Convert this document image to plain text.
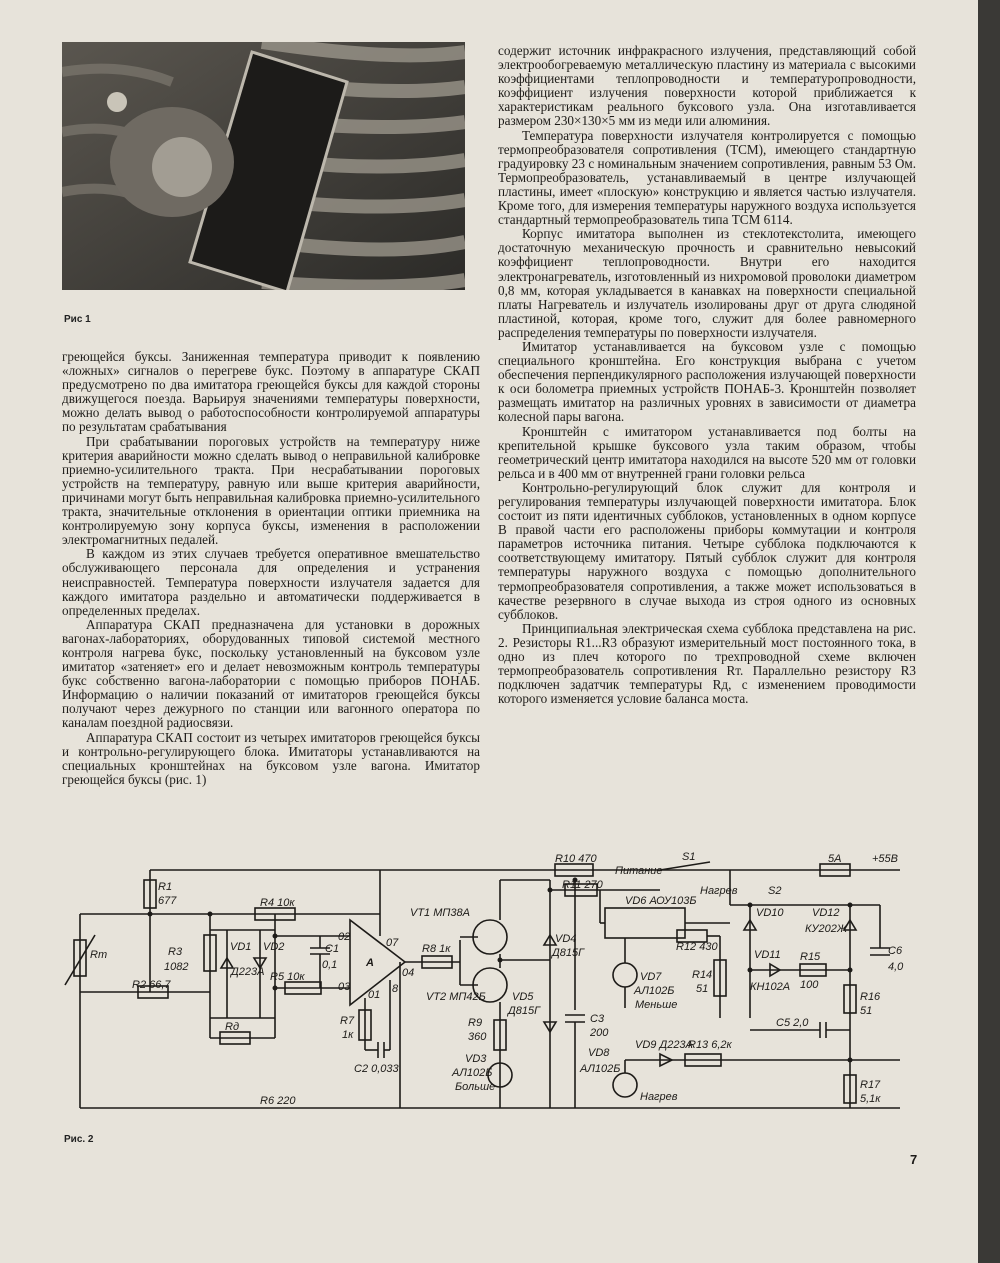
Рис 1

греющейся буксы. Заниженная температура приводит к появлению «ложных» сигналов о перегреве букс. Поэтому в аппаратуре СКАП предусмотрено по два имитатора греющейся буксы для каждой стороны движущегося поезда. Варьируя значениями температуры поверхности, можно делать вывод о работоспособности контролируемой аппаратуры по результатам срабатывания

При срабатывании пороговых устройств на температуру ниже критерия аварийности можно сделать вывод о неправильной калибровке приемно-усилительного тракта. При несрабатывании пороговых устройств на температуру, равную или выше критерия аварийности, причинами могут быть неправильная калибровка приемно-усилительного тракта, значительные отклонения в ориентации оптики приемника на контролируемую зону корпуса буксы, изменения в расположении электромагнитных педалей.

В каждом из этих случаев требуется оперативное вмешательство обслуживающего персонала для определения и устранения неисправностей. Температура поверхности излучателя задается для каждого имитатора раздельно и автоматически поддерживается в определенных пределах.

Аппаратура СКАП предназначена для установки в дорожных вагонах-лабораториях, оборудованных типовой системой местного контроля нагрева букс, поскольку установленный на буксовом узле имитатор «затеняет» его и делает невозможным контроль температуры букс собственно вагона-лаборатории с помощью приборов ПОНАБ. Информацию о наличии показаний от имитаторов греющейся буксы получают через дежурного по станции или вагонного оператора по каналам поездной радиосвязи.

Аппаратура СКАП состоит из четырех имитаторов греющейся буксы и контрольно-регулирующего блока. Имитаторы устанавливаются на специальных кронштейнах на буксовом узле вагона. Имитатор греющейся буксы (рис. 1)

содержит источник инфракрасного излучения, представляющий собой электрообогреваемую металлическую пластину из материала с высокими коэффициентами теплопроводности и температуропроводности, коэффициент излучения поверхности которой приближается к характеристикам реального буксового узла. Она изготавливается размером 230×130×5 мм из меди или алюминия.

Температура поверхности излучателя контролируется с помощью термопреобразователя сопротивления (ТСМ), имеющего стандартную градуировку 23 с номинальным значением сопротивления, равным 53 Ом. Термопреобразователь, устанавливаемый в центре излучающей пластины, имеет «плоскую» конструкцию и является частью излучателя. Кроме того, для измерения температуры наружного воздуха используется стандартный термопреобразователь типа ТСМ 6114.

Корпус имитатора выполнен из стеклотекстолита, имеющего достаточную механическую прочность и сравнительно невысокий коэффициент теплопроводности. Внутри его находится электронагреватель, изготовленный из нихромовой проволоки диаметром 0,8 мм, которая укладывается в канавках на поверхности специальной платы Нагреватель и излучатель изолированы друг от друга слюдяной пластиной, которая, кроме того, служит для более равномерного распределения температуры по поверхности излучателя.

Имитатор устанавливается на буксовом узле с помощью специального кронштейна. Его конструкция выбрана с учетом обеспечения перпендикулярного расположения излучающей поверхности к оси болометра приемных устройств ПОНАБ-3. Кронштейн позволяет размещать имитатор на различных уровнях в зависимости от диаметра колесной пары вагона.

Кронштейн с имитатором устанавливается под болты на крепительной крышке буксового узла таким образом, чтобы геометрический центр имитатора находился на высоте 520 мм от головки рельса и в 400 мм от внутренней грани головки рельса

Контрольно-регулирующий блок служит для контроля и регулирования температуры излучающей поверхности имитатора. Блок состоит из пяти идентичных субблоков, установленных в одном корпусе В правой части его расположены приборы коммутации и контроля параметров источника питания. Четыре субблока подключаются к соответствующему имитатору. Пятый субблок служит для контроля температуры наружного воздуха с помощью дополнительного термопреобразователя сопротивления, а также может использоваться в качестве резервного в случае выхода из строя одного из основных субблоков.

Принципиальная электрическая схема субблока представлена на рис. 2. Резисторы R1...R3 образуют измерительный мост постоянного тока, в одно из плеч которого по трехпроводной схеме включен термопреобразователь сопротивления Rт. Параллельно резистору R3 подключен задатчик температуры Rд, с изменением проводимости которого изменяется условие баланса моста.

R1
677
R3
1082
R2 66,7
Rт
R4 10к
R5 10к
Rд
VD1 VD2
Д223А
C1
0,1	A
02
03
07
04
01 8
R7
1к
C2 0,033
R6 220
R8 1к
VT1 МП38А
VT2 МП42Б
R9
360
VD3
АЛ102Б
Больше
VD4
Д815Г
VD5
Д815Г
C3
200
R10 470
R11 270
Питание
S1
Нагрев	S2
VD6 АОУ103Б
R12 430
VD7
АЛ102Б
Меньше
R14
51
VD8
АЛ102Б
Нагрев
VD9 Д223А
R13 6,2к
VD10	VD12
КУ202Ж
VD11
КН102А
R15
100
C5 2,0
R16
51
R17
5,1к
C6
4,0
5А	+55В
Рис. 2
7
